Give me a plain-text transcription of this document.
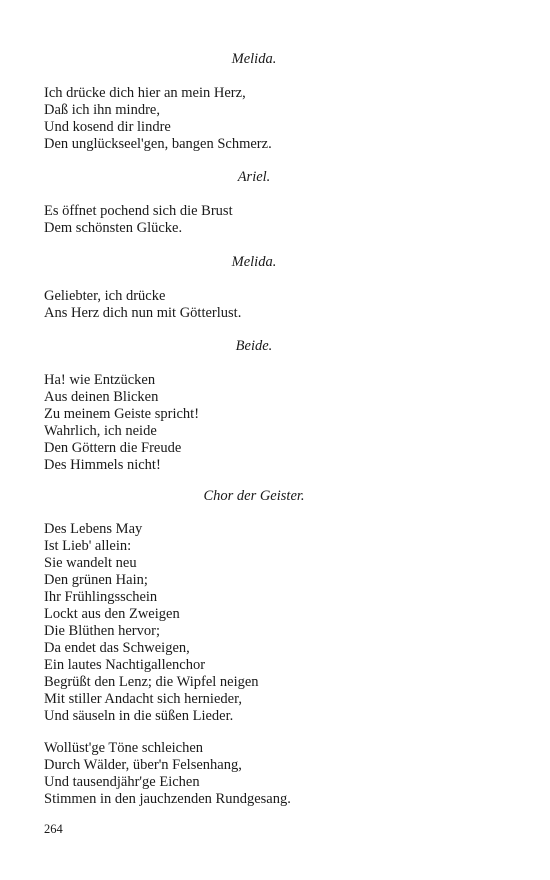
Melida.
Ich drücke dich hier an mein Herz,
Daß ich ihn mindre,
Und kosend dir lindre
Den unglückseel'gen, bangen Schmerz.
Ariel.
Es öffnet pochend sich die Brust
Dem schönsten Glücke.
Melida.
Geliebter, ich drücke
Ans Herz dich nun mit Götterlust.
Beide.
Ha! wie Entzücken
Aus deinen Blicken
Zu meinem Geiste spricht!
Wahrlich, ich neide
Den Göttern die Freude
Des Himmels nicht!
Chor der Geister.
Des Lebens May
Ist Lieb' allein:
Sie wandelt neu
Den grünen Hain;
Ihr Frühlingsschein
Lockt aus den Zweigen
Die Blüthen hervor;
Da endet das Schweigen,
Ein lautes Nachtigallenchor
Begrüßt den Lenz; die Wipfel neigen
Mit stiller Andacht sich hernieder,
Und säuseln in die süßen Lieder.
Wollüst'ge Töne schleichen
Durch Wälder, über'n Felsenhang,
Und tausendjähr'ge Eichen
Stimmen in den jauchzenden Rundgesang.
264
